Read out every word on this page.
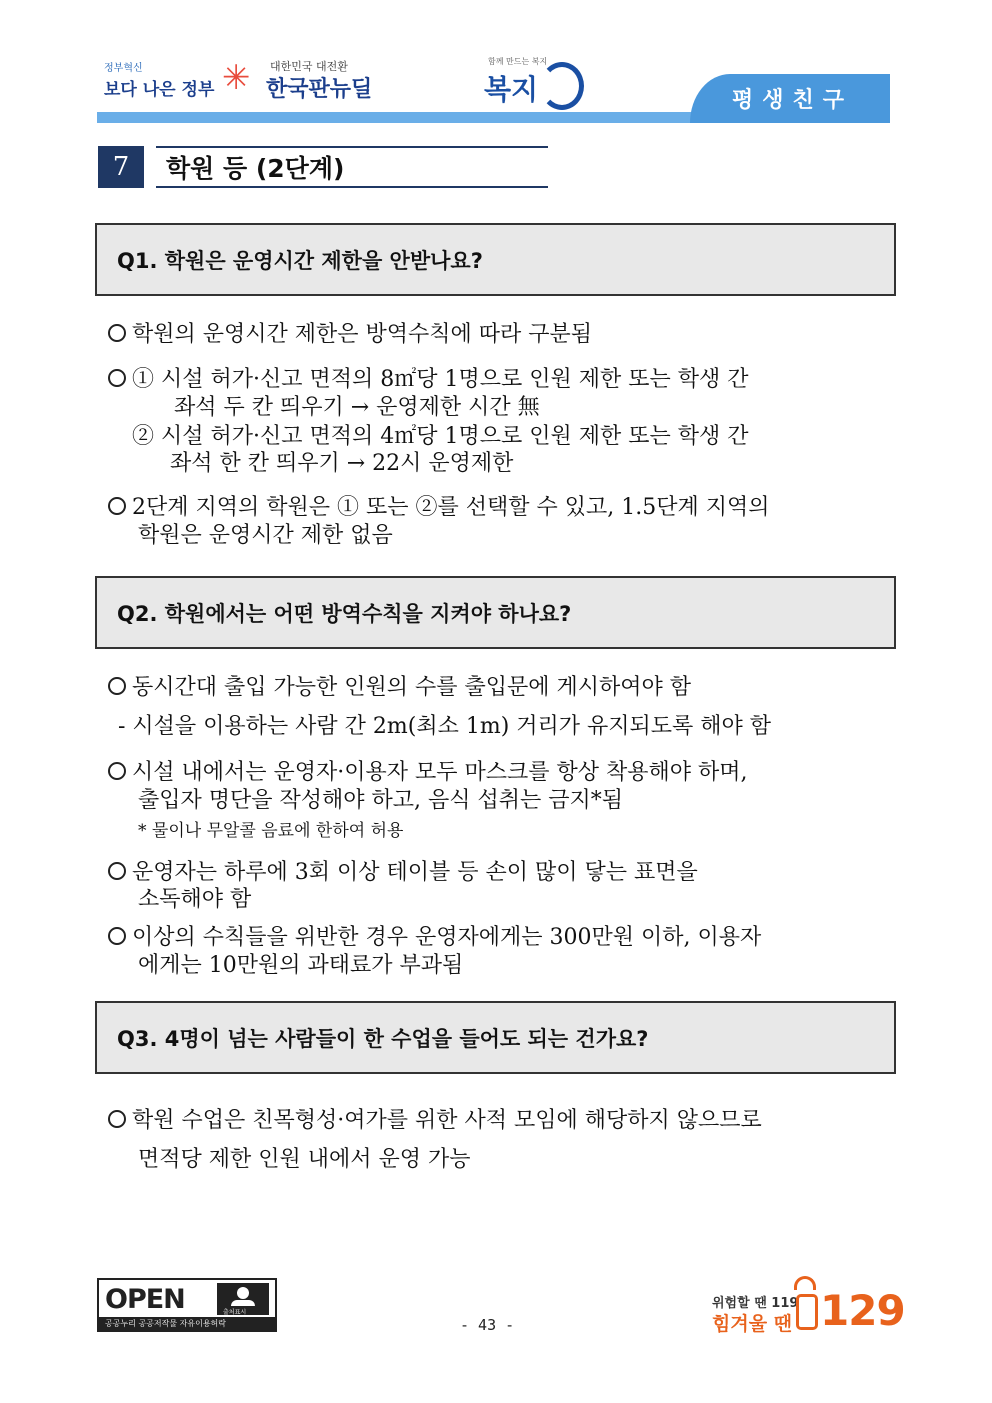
정부혁신
보다 나은 정부 ✳	대한민국 대전환
한국판뉴딜
함께 만드는 복지
복지	평생친구
7	학원 등 (2단계)
Q1. 학원은 운영시간 제한을 안받나요?
학원의 운영시간 제한은 방역수칙에 따라 구분됨
① 시설 허가·신고 면적의 8㎡당 1명으로 인원 제한 또는 학생 간
좌석 두 칸 띄우기 → 운영제한 시간 無
② 시설 허가·신고 면적의 4㎡당 1명으로 인원 제한 또는 학생 간
좌석 한 칸 띄우기 → 22시 운영제한
2단계 지역의 학원은 ① 또는 ②를 선택할 수 있고, 1.5단계 지역의
학원은 운영시간 제한 없음
Q2. 학원에서는 어떤 방역수칙을 지켜야 하나요?
동시간대 출입 가능한 인원의 수를 출입문에 게시하여야 함
- 시설을 이용하는 사람 간 2m(최소 1m) 거리가 유지되도록 해야 함
시설 내에서는 운영자·이용자 모두 마스크를 항상 착용해야 하며,
출입자 명단을 작성해야 하고, 음식 섭취는 금지*됨
* 물이나 무알콜 음료에 한하여 허용
운영자는 하루에 3회 이상 테이블 등 손이 많이 닿는 표면을
소독해야 함
이상의 수칙들을 위반한 경우 운영자에게는 300만원 이하, 이용자
에게는 10만원의 과태료가 부과됨
Q3. 4명이 넘는 사람들이 한 수업을 들어도 되는 건가요?
학원 수업은 친목형성·여가를 위한 사적 모임에 해당하지 않으므로
면적당 제한 인원 내에서 운영 가능
OPEN	출처표시
공공누리 공공저작물 자유이용허락	- 43 -
위험할 땐 119
힘겨울 땐 129
